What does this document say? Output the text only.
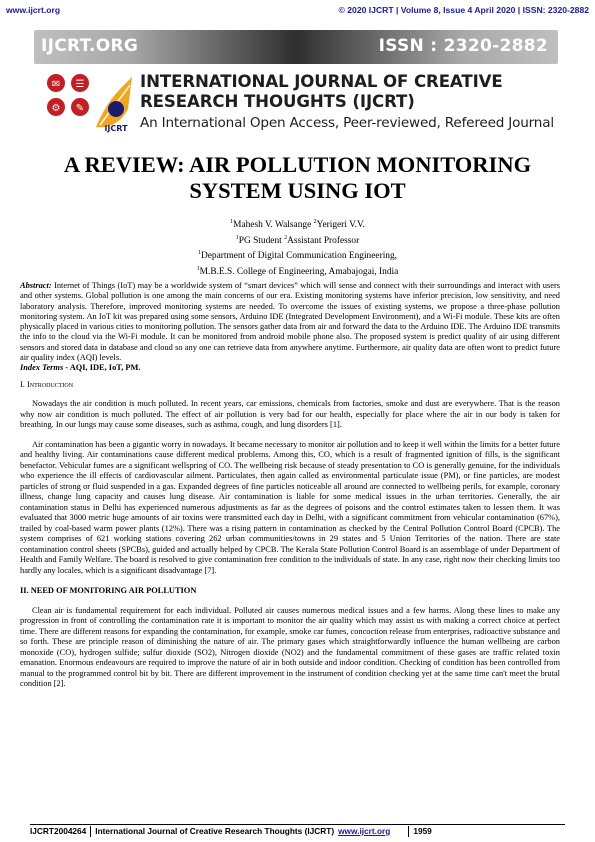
www.ijcrt.org	© 2020 IJCRT | Volume 8, Issue 4 April 2020 | ISSN: 2320-2882
IJCRT.ORG	ISSN : 2320-2882
✉ ☰
⚙ ✎
IJCRT
INTERNATIONAL JOURNAL OF CREATIVE
RESEARCH THOUGHTS (IJCRT)
An International Open Access, Peer-reviewed, Refereed Journal
A REVIEW: AIR POLLUTION MONITORING
SYSTEM USING IOT
$^1$Mahesh V. Walsange $^2$Yerigeri V.V.
$^1$PG Student $^2$Assistant Professor
$^1$Department of Digital Communication Engineering,
$^1$M.B.E.S. College of Engineering, Amabajogai, India

Abstract: Internet of Things (IoT) may be a worldwide system of “smart devices” which will sense and connect with their surroundings and interact with users and other systems. Global pollution is one among the main concerns of our era. Existing monitoring systems have inferior precision, low sensitivity, and need laboratory analysis. Therefore, improved monitoring systems are needed. To overcome the issues of existing systems, we propose a three-phase pollution monitoring system. An IoT kit was prepared using some sensors, Arduino IDE (Integrated Development Environment), and a Wi-Fi module. These kits are often physically placed in various cities to monitoring pollution. The sensors gather data from air and forward the data to the Arduino IDE. The Arduino IDE transmits the info to the cloud via the Wi-Fi module. It can be monitored from android mobile phone also. The proposed system is predict quality of air using different sensors and stored data in database and cloud so any one can retrieve data from anywhere anytime. Furthermore, air quality data are often wont to predict future air quality index (AQI) levels.

Index Terms - AQI, IDE, IoT, PM.

I. Introduction

Nowadays the air condition is much polluted. In recent years, car emissions, chemicals from factories, smoke and dust are everywhere. That is the reason why now air condition is much polluted. The effect of air pollution is very bad for our health, especially for place where the air in our body is taken for breathing. In our lungs may cause some diseases, such as asthma, cough, and lung disorders [1].

Air contamination has been a gigantic worry in nowadays. It became necessary to monitor air pollution and to keep it well within the limits for a better future and healthy living. Air contaminations cause different medical problems. Among this, CO, which is a result of fragmented ignition of fills, is the significant benefactor. Vehicular fumes are a significant wellspring of CO. The wellbeing risk because of steady presentation to CO is generally genuine, for the individuals who experience the ill effects of cardiovascular ailment. Particulates, then again called as environmental particulate issue (PM), or fine particles, are modest particles of strong or fluid suspended in a gas. Expanded degrees of fine particles noticeable all around are connected to wellbeing perils, for example, coronary illness, change lung capacity and causes lung disease. Air contamination is liable for some medical issues in the urban territories. Generally, the air contamination status in Delhi has experienced numerous adjustments as far as the degrees of poisons and the control estimates taken to lessen them. It was evaluated that 3000 metric huge amounts of air toxins were transmitted each day in Delhi, with a significant commitment from vehicular contamination (67%), trailed by coal-based warm power plants (12%). There was a rising pattern in contamination as checked by the Central Pollution Control Board (CPCB). The system comprises of 621 working stations covering 262 urban communities/towns in 29 states and 5 Union Territories of the nation. There are state contamination control sheets (SPCBs), guided and actually helped by CPCB. The Kerala State Pollution Control Board is an assemblage of under Department of Health and Family Welfare. The board is resolved to give contamination free condition to the individuals of state. In any case, right now their checking limits too hardly any locales, which is a significant disadvantage [7].

II. NEED OF MONITORING AIR POLLUTION

Clean air is fundamental requirement for each individual. Polluted air causes numerous medical issues and a few harms. Along these lines to make any progression in front of controlling the contamination rate it is important to monitor the air quality which may assist us with making a correct choice at perfect time. There are different reasons for expanding the contamination, for example, smoke car fumes, concoction release from enterprises, radioactive substance and so forth. These are principle reason of diminishing the nature of air. The primary gases which straightforwardly influence the human wellbeing are carbon monoxide (CO), hydrogen sulfide; sulfur dioxide (SO2), Nitrogen dioxide (NO2) and the fundamental commitment of these gases are traffic related toxin emanation. Enormous endeavours are required to improve the nature of air in both outside and indoor condition. Checking of condition has been controlled from manual to the programmed control bit by bit. There are different improvement in the instrument of condition checking yet at the same time can't meet the brutal condition [2].

IJCRT2004264 International Journal of Creative Research Thoughts (IJCRT) www.ijcrt.org	1959
